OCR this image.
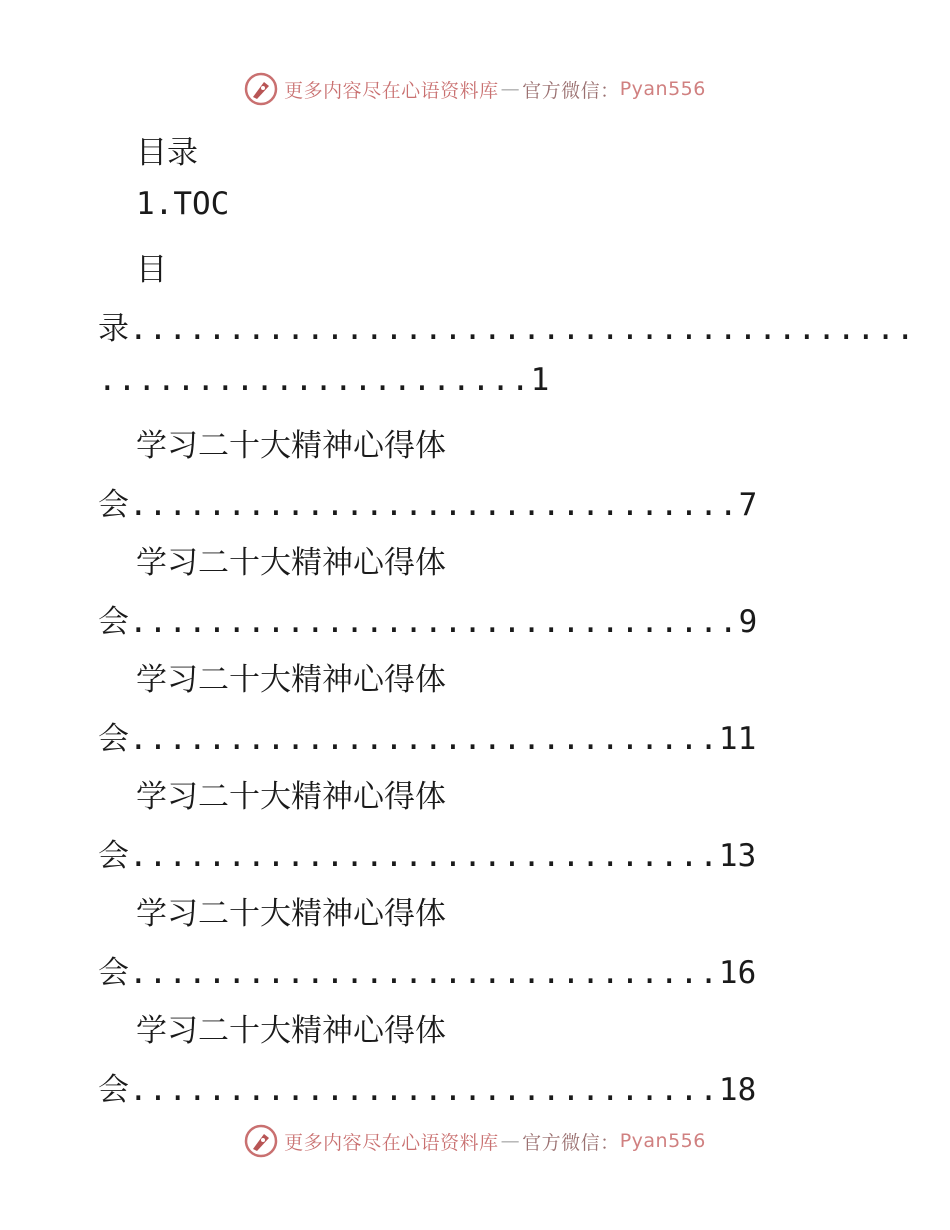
更多内容尽在心语资料库 — 官方微信： Pyan556
目录
1.TOC
目
录........................................
......................1
学习二十大精神心得体
会...............................7
学习二十大精神心得体
会...............................9
学习二十大精神心得体
会..............................11
学习二十大精神心得体
会..............................13
学习二十大精神心得体
会..............................16
学习二十大精神心得体
会..............................18
更多内容尽在心语资料库 — 官方微信： Pyan556
